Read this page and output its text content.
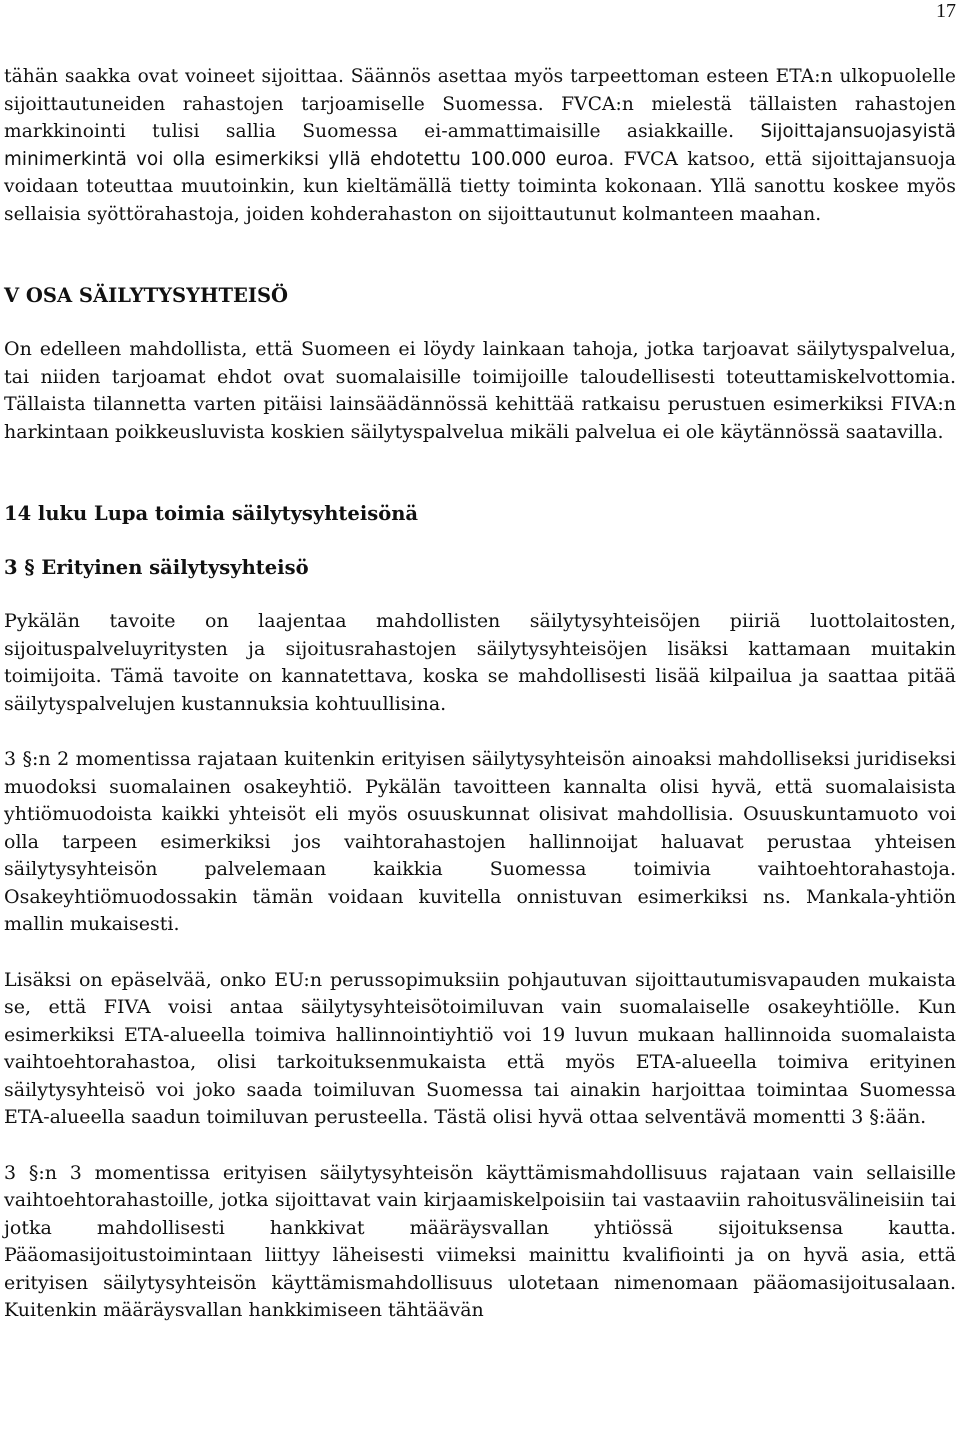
17

tähän saakka ovat voineet sijoittaa. Säännös asettaa myös tarpeettoman esteen ETA:n ulkopuolelle sijoittautuneiden rahastojen tarjoamiselle Suomessa. FVCA:n mielestä tällaisten rahastojen markkinointi tulisi sallia Suomessa ei-ammattimaisille asiakkaille. Sijoittajansuojasyistä minimerkintä voi olla esimerkiksi yllä ehdotettu 100.000 euroa. FVCA katsoo, että sijoittajansuoja voidaan toteuttaa muutoinkin, kun kieltämällä tietty toiminta kokonaan. Yllä sanottu koskee myös sellaisia syöttörahastoja, joiden kohderahaston on sijoittautunut kolmanteen maahan.

V OSA SÄILYTYSYHTEISÖ

On edelleen mahdollista, että Suomeen ei löydy lainkaan tahoja, jotka tarjoavat säilytyspalvelua, tai niiden tarjoamat ehdot ovat suomalaisille toimijoille taloudellisesti toteuttamiskelvottomia. Tällaista tilannetta varten pitäisi lainsäädännössä kehittää ratkaisu perustuen esimerkiksi FIVA:n harkintaan poikkeusluvista koskien säilytyspalvelua mikäli palvelua ei ole käytännössä saatavilla.

14 luku Lupa toimia säilytysyhteisönä
3 § Erityinen säilytysyhteisö

Pykälän tavoite on laajentaa mahdollisten säilytysyhteisöjen piiriä luottolaitosten, sijoituspalveluyritysten ja sijoitusrahastojen säilytysyhteisöjen lisäksi kattamaan muitakin toimijoita. Tämä tavoite on kannatettava, koska se mahdollisesti lisää kilpailua ja saattaa pitää säilytyspalvelujen kustannuksia kohtuullisina.

3 §:n 2 momentissa rajataan kuitenkin erityisen säilytysyhteisön ainoaksi mahdolliseksi juridiseksi muodoksi suomalainen osakeyhtiö. Pykälän tavoitteen kannalta olisi hyvä, että suomalaisista yhtiömuodoista kaikki yhteisöt eli myös osuuskunnat olisivat mahdollisia. Osuuskuntamuoto voi olla tarpeen esimerkiksi jos vaihtorahastojen hallinnoijat haluavat perustaa yhteisen säilytysyhteisön palvelemaan kaikkia Suomessa toimivia vaihtoehtorahastoja. Osakeyhtiömuodossakin tämän voidaan kuvitella onnistuvan esimerkiksi ns. Mankala-yhtiön mallin mukaisesti.

Lisäksi on epäselvää, onko EU:n perussopimuksiin pohjautuvan sijoittautumisvapauden mukaista se, että FIVA voisi antaa säilytysyhteisötoimiluvan vain suomalaiselle osakeyhtiölle. Kun esimerkiksi ETA-alueella toimiva hallinnointiyhtiö voi 19 luvun mukaan hallinnoida suomalaista vaihtoehtorahastoa, olisi tarkoituksenmukaista että myös ETA-alueella toimiva erityinen säilytysyhteisö voi joko saada toimiluvan Suomessa tai ainakin harjoittaa toimintaa Suomessa ETA-alueella saadun toimiluvan perusteella. Tästä olisi hyvä ottaa selventävä momentti 3 §:ään.

3 §:n 3 momentissa erityisen säilytysyhteisön käyttämismahdollisuus rajataan vain sellaisille vaihtoehtorahastoille, jotka sijoittavat vain kirjaamiskelpoisiin tai vastaaviin rahoitusvälineisiin tai jotka mahdollisesti hankkivat määräysvallan yhtiössä sijoituksensa kautta. Pääomasijoitustoimintaan liittyy läheisesti viimeksi mainittu kvalifiointi ja on hyvä asia, että erityisen säilytysyhteisön käyttämismahdollisuus ulotetaan nimenomaan pääomasijoitusalaan. Kuitenkin määräysvallan hankkimiseen tähtäävän
